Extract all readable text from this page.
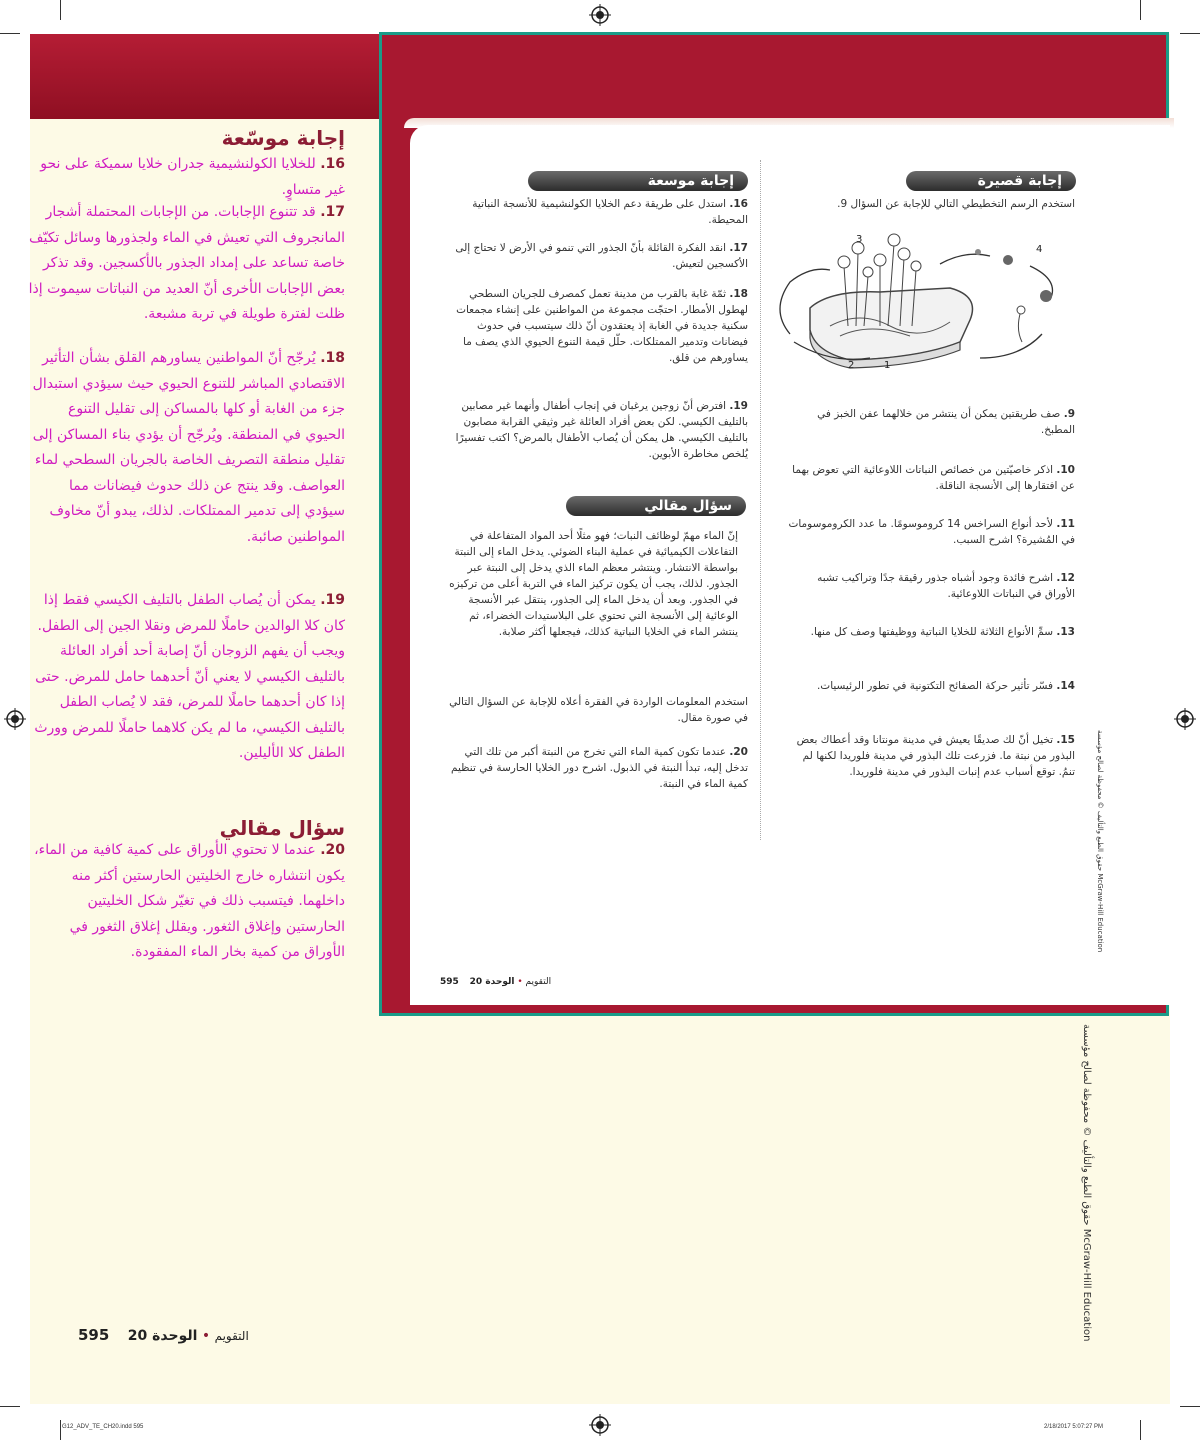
إجابة موسّعة
16. للخلايا الكولنشيمية جدران خلايا سميكة على نحو غير متساوٍ.
17. قد تتنوع الإجابات. من الإجابات المحتملة أشجار المانجروف التي تعيش في الماء ولجذورها وسائل تكيّف خاصة تساعد على إمداد الجذور بالأكسجين. وقد تذكر بعض الإجابات الأخرى أنّ العديد من النباتات سيموت إذا ظلت لفترة طويلة في تربة مشبعة.
18. يُرجّح أنّ المواطنين يساورهم القلق بشأن التأثير الاقتصادي المباشر للتنوع الحيوي حيث سيؤدي استبدال جزء من الغابة أو كلها بالمساكن إلى تقليل التنوع الحيوي في المنطقة. ويُرجّح أن يؤدي بناء المساكن إلى تقليل منطقة التصريف الخاصة بالجريان السطحي لماء العواصف. وقد ينتج عن ذلك حدوث فيضانات مما سيؤدي إلى تدمير الممتلكات. لذلك، يبدو أنّ مخاوف المواطنين صائبة.
19. يمكن أن يُصاب الطفل بالتليف الكيسي فقط إذا كان كلا الوالدين حاملًا للمرض ونقلا الجين إلى الطفل. ويجب أن يفهم الزوجان أنّ إصابة أحد أفراد العائلة بالتليف الكيسي لا يعني أنّ أحدهما حامل للمرض. حتى إذا كان أحدهما حاملًا للمرض، فقد لا يُصاب الطفل بالتليف الكيسي، ما لم يكن كلاهما حاملًا للمرض وورث الطفل كلا الأليلين.
سؤال مقالي
20. عندما لا تحتوي الأوراق على كمية كافية من الماء، يكون انتشاره خارج الخليتين الحارستين أكثر منه داخلهما. فيتسبب ذلك في تغيّر شكل الخليتين الحارستين وإغلاق الثغور. ويقلل إغلاق الثغور في الأوراق من كمية بخار الماء المفقودة.
595	التقويم • الوحدة 20
إجابة قصيرة
استخدم الرسم التخطيطي التالي للإجابة عن السؤال 9.
1
2
3
4
9. صف طريقتين يمكن أن ينتشر من خلالهما عفن الخبز في المطبخ.
10. اذكر خاصيّتين من خصائص النباتات اللاوعائية التي تعوض بهما عن افتقارها إلى الأنسجة الناقلة.
11. لأحد أنواع السراخس 14 كروموسومًا. ما عدد الكروموسومات في المُشيرة؟ اشرح السبب.
12. اشرح فائدة وجود أشباه جذور رقيقة جدًا وتراكيب تشبه الأوراق في النباتات اللاوعائية.
13. سمِّ الأنواع الثلاثة للخلايا النباتية ووظيفتها وصف كل منها.
14. فسّر تأثير حركة الصفائح التكتونية في تطور الرئيسيات.
15. تخيل أنّ لك صديقًا يعيش في مدينة مونتانا وقد أعطاك بعض البذور من نبتة ما. فزرعت تلك البذور في مدينة فلوريدا لكنها لم تنمُ. توقع أسباب عدم إنبات البذور في مدينة فلوريدا.
إجابة موسعة
16. استدل على طريقة دعم الخلايا الكولنشيمية للأنسجة النباتية المحيطة.
17. انقد الفكرة القائلة بأنّ الجذور التي تنمو في الأرض لا تحتاج إلى الأكسجين لتعيش.
18. ثمّة غابة بالقرب من مدينة تعمل كمصرف للجريان السطحي لهطول الأمطار. احتجّت مجموعة من المواطنين على إنشاء مجمعات سكنية جديدة في الغابة إذ يعتقدون أنّ ذلك سيتسبب في حدوث فيضانات وتدمير الممتلكات. حلّل قيمة التنوع الحيوي الذي يصف ما يساورهم من قلق.
19. افترض أنّ زوجين يرغبان في إنجاب أطفال وأنهما غير مصابين بالتليف الكيسي. لكن بعض أفراد العائلة غير وثيقي القرابة مصابون بالتليف الكيسي. هل يمكن أن يُصاب الأطفال بالمرض؟ اكتب تفسيرًا يُلخص مخاطرة الأبوين.
سؤال مقالي
إنّ الماء مهمّ لوظائف النبات؛ فهو مثلًا أحد المواد المتفاعلة في التفاعلات الكيميائية في عملية البناء الضوئي. يدخل الماء إلى النبتة بواسطة الانتشار. وينتشر معظم الماء الذي يدخل إلى النبتة عبر الجذور. لذلك، يجب أن يكون تركيز الماء في التربة أعلى من تركيزه في الجذور. وبعد أن يدخل الماء إلى الجذور، ينتقل عبر الأنسجة الوعائية إلى الأنسجة التي تحتوي على البلاستيدات الخضراء، ثم ينتشر الماء في الخلايا النباتية كذلك، فيجعلها أكثر صلابة.
استخدم المعلومات الواردة في الفقرة أعلاه للإجابة عن السؤال التالي في صورة مقال.
20. عندما تكون كمية الماء التي تخرج من النبتة أكبر من تلك التي تدخل إليه، تبدأ النبتة في الذبول. اشرح دور الخلايا الحارسة في تنظيم كمية الماء في النبتة.
595	التقويم • الوحدة 20
حقوق الطبع والتأليف © محفوظة لصالح مؤسسة McGraw-Hill Education
حقوق الطبع والتأليف © محفوظة لصالح مؤسسة McGraw-Hill Education
G12_ADV_TE_CH20.indd 595	2/18/2017 5:07:27 PM
